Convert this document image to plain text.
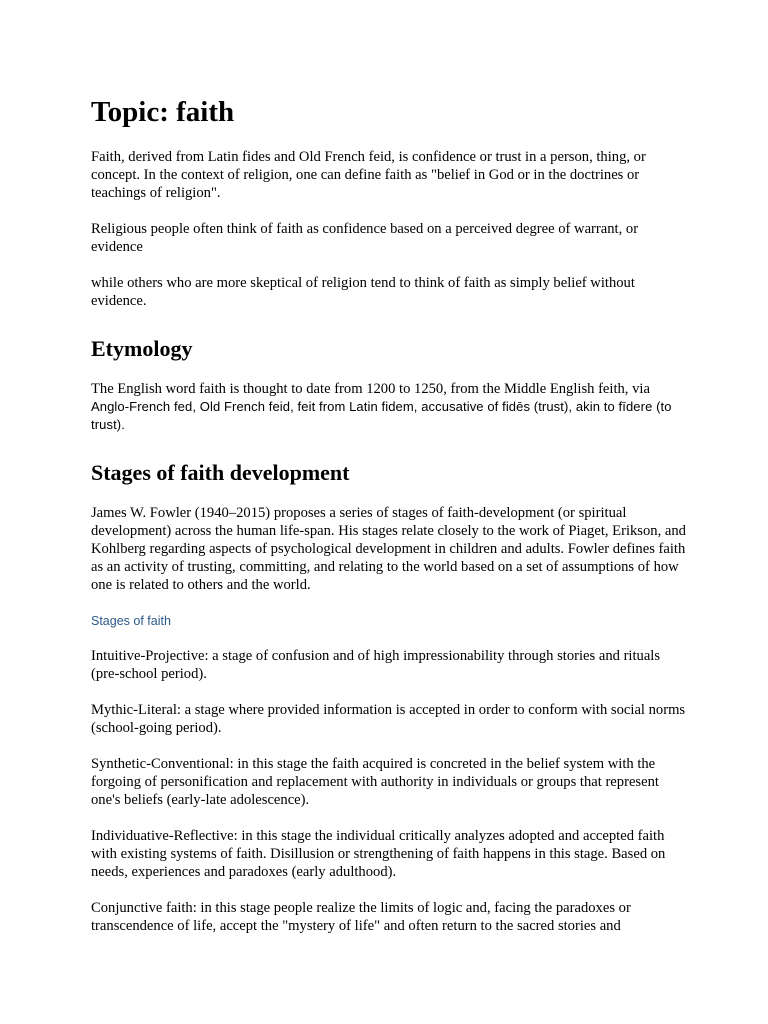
Topic: faith

Faith, derived from Latin fides and Old French feid, is confidence or trust in a person, thing, or concept. In the context of religion, one can define faith as "belief in God or in the doctrines or teachings of religion".

Religious people often think of faith as confidence based on a perceived degree of warrant, or evidence

while others who are more skeptical of religion tend to think of faith as simply belief without evidence.

Etymology

The English word faith is thought to date from 1200 to 1250, from the Middle English feith, via Anglo-French fed, Old French feid, feit from Latin fidem, accusative of fidēs (trust), akin to fīdere (to trust).

Stages of faith development

James W. Fowler (1940–2015) proposes a series of stages of faith-development (or spiritual development) across the human life-span. His stages relate closely to the work of Piaget, Erikson, and Kohlberg regarding aspects of psychological development in children and adults. Fowler defines faith as an activity of trusting, committing, and relating to the world based on a set of assumptions of how one is related to others and the world.

Stages of faith

Intuitive-Projective: a stage of confusion and of high impressionability through stories and rituals (pre-school period).

Mythic-Literal: a stage where provided information is accepted in order to conform with social norms (school-going period).

Synthetic-Conventional: in this stage the faith acquired is concreted in the belief system with the forgoing of personification and replacement with authority in individuals or groups that represent one's beliefs (early-late adolescence).

Individuative-Reflective: in this stage the individual critically analyzes adopted and accepted faith with existing systems of faith. Disillusion or strengthening of faith happens in this stage. Based on needs, experiences and paradoxes (early adulthood).

Conjunctive faith: in this stage people realize the limits of logic and, facing the paradoxes or transcendence of life, accept the "mystery of life" and often return to the sacred stories and
